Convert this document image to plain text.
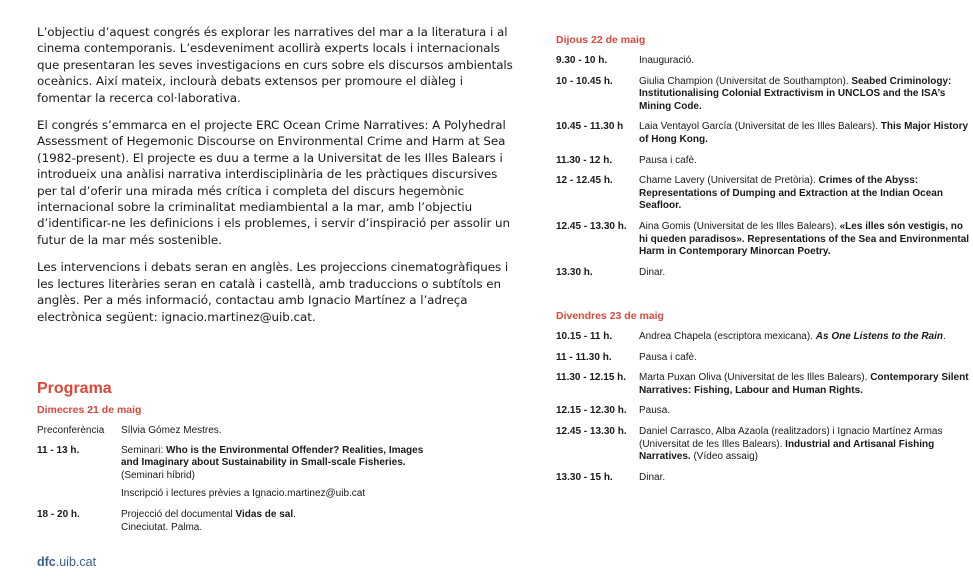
L’objectiu d’aquest congrés és explorar les narratives del mar a la literatura i al cinema contemporanis. L’esdeveniment acollirà experts locals i internacionals que presentaran les seves investigacions en curs sobre els discursos ambientals oceànics. Així mateix, inclourà debats extensos per promoure el diàleg i fomentar la recerca col·laborativa.

El congrés s’emmarca en el projecte ERC Ocean Crime Narratives: A Polyhedral Assessment of Hegemonic Discourse on Environmental Crime and Harm at Sea (1982-present). El projecte es duu a terme a la Universitat de les Illes Balears i introdueix una anàlisi narrativa interdisciplinària de les pràctiques discursives per tal d’oferir una mirada més crítica i completa del discurs hegemònic internacional sobre la criminalitat mediambiental a la mar, amb l’objectiu d’identificar-ne les definicions i els problemes, i servir d’inspiració per assolir un futur de la mar més sostenible.

Les intervencions i debats seran en anglès. Les projeccions cinematogràfiques i les lectures literàries seran en català i castellà, amb traduccions o subtítols en anglès. Per a més informació, contactau amb Ignacio Martínez a l’adreça electrònica següent: ignacio.martinez@uib.cat.

Programa
Dimecres 21 de maig
Preconferència	Sílvia Gómez Mestres.
11 - 13 h.	Seminari: Who is the Environmental Offender? Realities, Images and Imaginary about Sustainability in Small-scale Fisheries. (Seminari híbrid)
Inscripció i lectures prèvies a Ignacio.martinez@uib.cat
18 - 20 h.	Projecció del documental Vidas de sal.
Cineciutat. Palma.
Dijous 22 de maig
9.30 - 10 h.	Inauguració.
10 - 10.45 h.	Giulia Champion (Universitat de Southampton). Seabed Criminology: Institutionalising Colonial Extractivism in UNCLOS and the ISA’s Mining Code.
10.45 - 11.30 h	Laia Ventayol García (Universitat de les Illes Balears). This Major History of Hong Kong.
11.30 - 12 h.	Pausa i cafè.
12 - 12.45 h.	Charne Lavery (Universitat de Pretòria). Crimes of the Abyss: Representations of Dumping and Extraction at the Indian Ocean Seafloor.
12.45 - 13.30 h.	Aina Gomis (Universitat de les Illes Balears). «Les illes són vestigis, no hi queden paradisos». Representations of the Sea and Environmental Harm in Contemporary Minorcan Poetry.
13.30 h.	Dinar.
Divendres 23 de maig
10.15 - 11 h.	Andrea Chapela (escriptora mexicana). As One Listens to the Rain.
11 - 11.30 h.	Pausa i cafè.
11.30 - 12.15 h.	Marta Puxan Oliva (Universitat de les Illes Balears). Contemporary Silent Narratives: Fishing, Labour and Human Rights.
12.15 - 12.30 h.	Pausa.
12.45 - 13.30 h.	Daniel Carrasco, Alba Azaola (realitzadors) i Ignacio Martínez Armas (Universitat de les Illes Balears). Industrial and Artisanal Fishing Narratives. (Vídeo assaig)
13.30 - 15 h.	Dinar.
dfc.uib.cat
